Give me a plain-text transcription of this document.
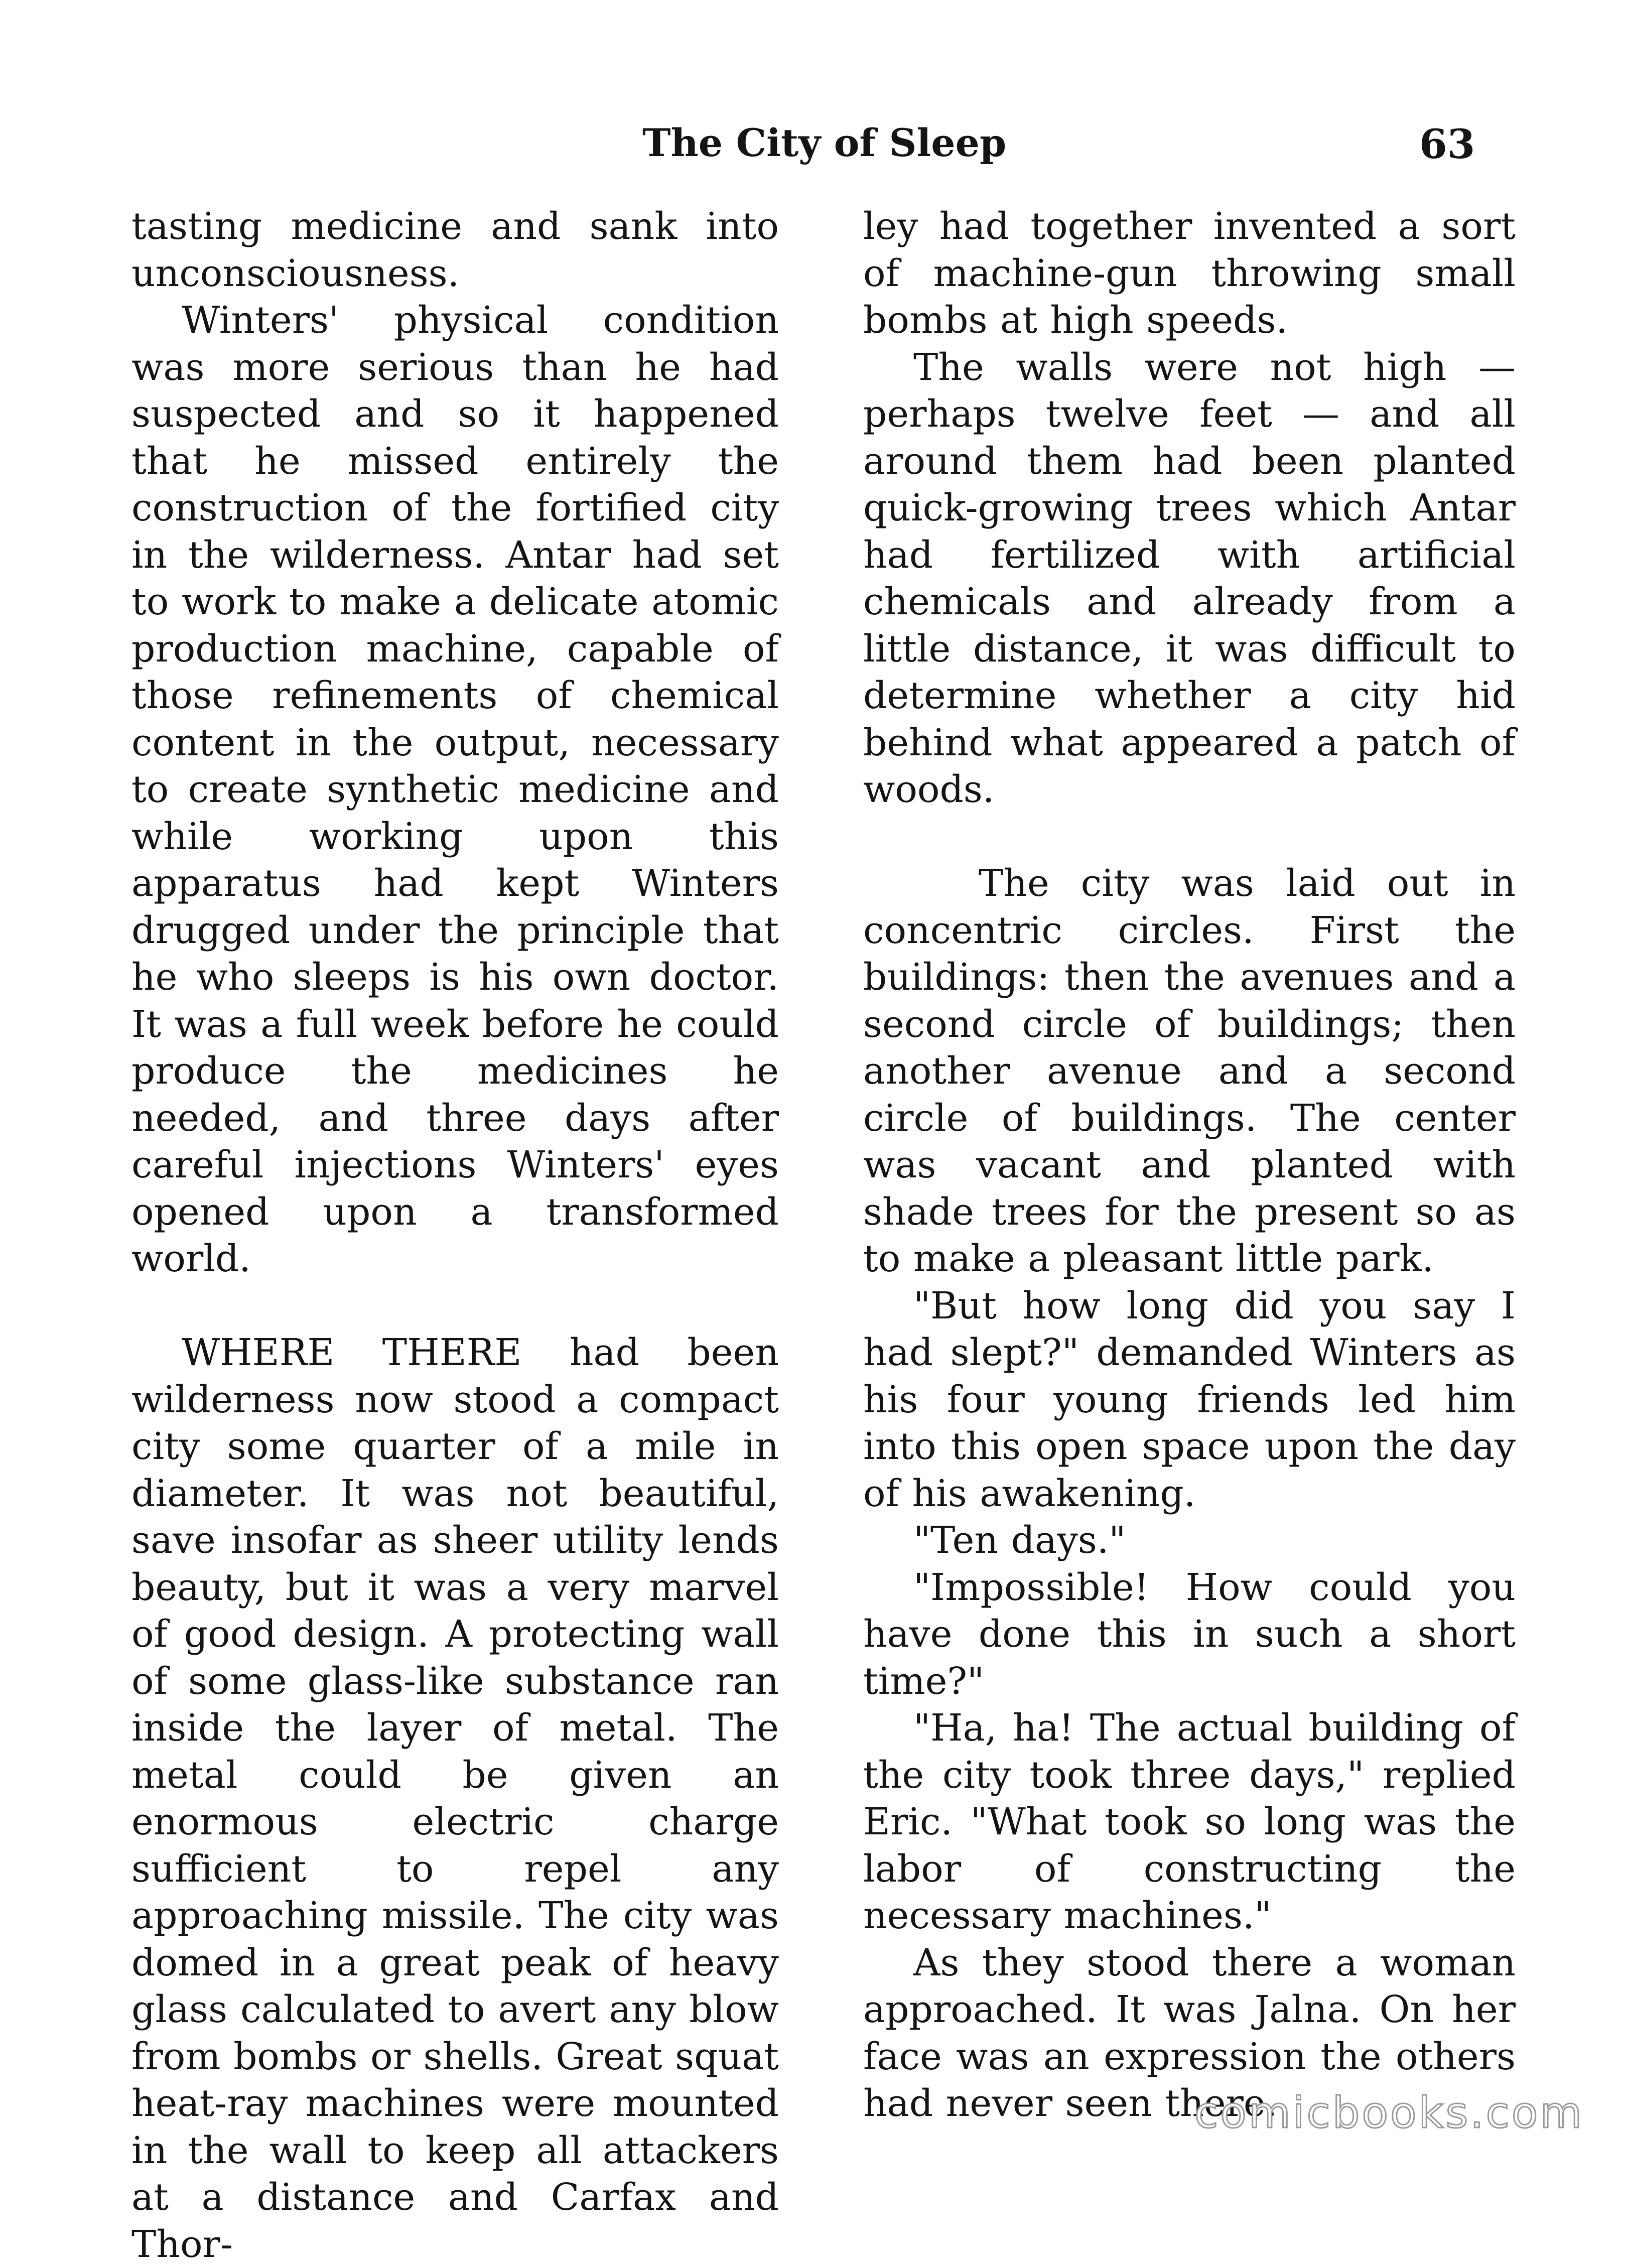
The City of Sleep	63

tasting medicine and sank into unconsciousness.

Winters' physical condition was more serious than he had suspected and so it happened that he missed entirely the construction of the fortified city in the wilderness. Antar had set to work to make a delicate atomic production machine, capable of those refinements of chemical content in the output, necessary to create synthetic medicine and while working upon this apparatus had kept Winters drugged under the principle that he who sleeps is his own doctor. It was a full week before he could produce the medicines he needed, and three days after careful injections Winters' eyes opened upon a transformed world.

WHERE THERE had been wilderness now stood a compact city some quarter of a mile in diameter. It was not beautiful, save insofar as sheer utility lends beauty, but it was a very marvel of good design. A protecting wall of some glass-like substance ran inside the layer of metal. The metal could be given an enormous electric charge sufficient to repel any approaching missile. The city was domed in a great peak of heavy glass calculated to avert any blow from bombs or shells. Great squat heat-ray machines were mounted in the wall to keep all attackers at a distance and Carfax and Thor-

ley had together invented a sort of machine-gun throwing small bombs at high speeds.

The walls were not high — perhaps twelve feet — and all around them had been planted quick-growing trees which Antar had fertilized with artificial chemicals and already from a little distance, it was difficult to determine whether a city hid behind what appeared a patch of woods.

The city was laid out in concentric circles. First the buildings: then the avenues and a second circle of buildings; then another avenue and a second circle of buildings. The center was vacant and planted with shade trees for the present so as to make a pleasant little park.

"But how long did you say I had slept?" demanded Winters as his four young friends led him into this open space upon the day of his awakening.

"Ten days."

"Impossible! How could you have done this in such a short time?"

"Ha, ha! The actual building of the city took three days," replied Eric. "What took so long was the labor of constructing the necessary machines."

As they stood there a woman approached. It was Jalna. On her face was an expression the others had never seen there.

comicbooks.com
